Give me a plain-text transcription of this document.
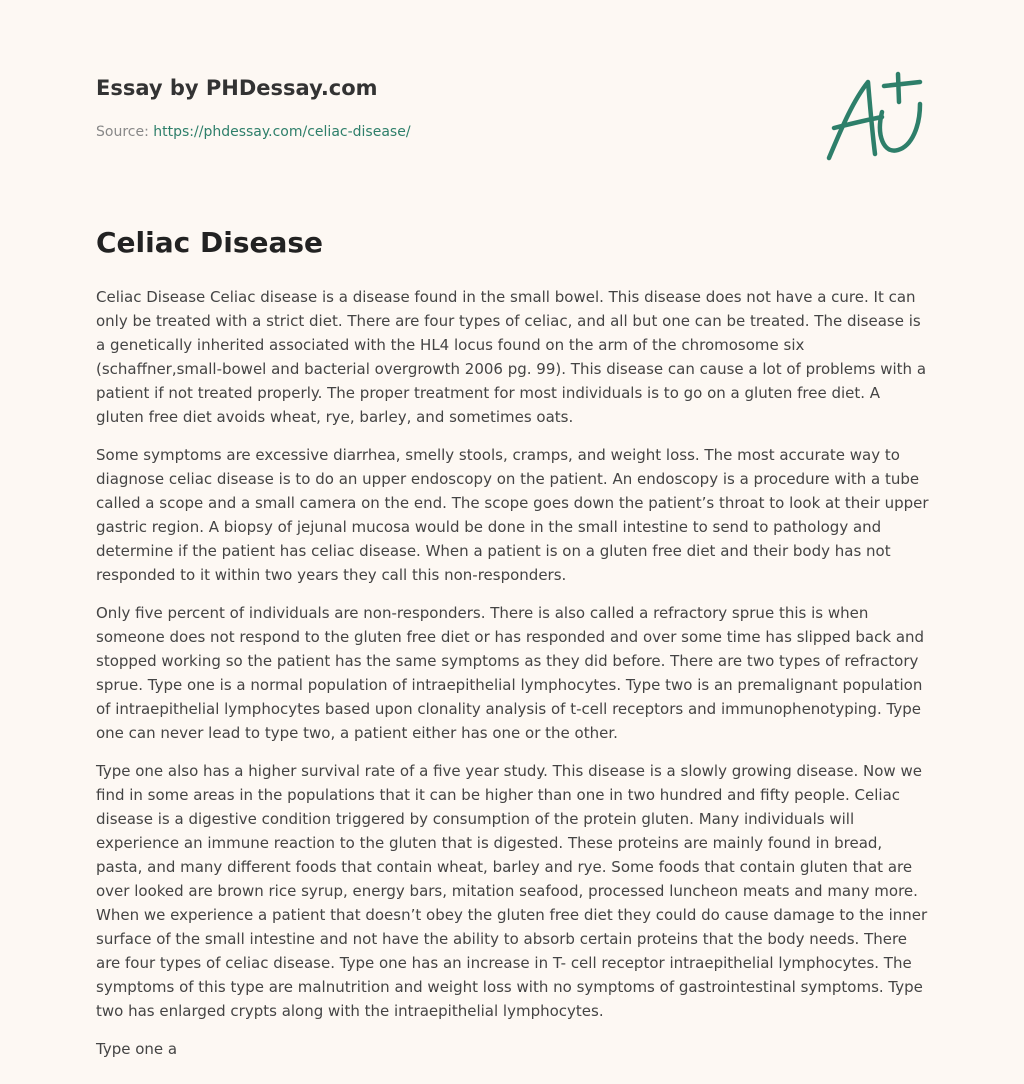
Essay by PHDessay.com
Source: https://phdessay.com/celiac-disease/
Celiac Disease

Celiac Disease Celiac disease is a disease found in the small bowel. This disease does not have a cure. It can only be treated with a strict diet. There are four types of celiac, and all but one can be treated. The disease is a genetically inherited associated with the HL4 locus found on the arm of the chromosome six (schaffner,small-bowel and bacterial overgrowth 2006 pg. 99). This disease can cause a lot of problems with a patient if not treated properly. The proper treatment for most individuals is to go on a gluten free diet. A gluten free diet avoids wheat, rye, barley, and sometimes oats.

Some symptoms are excessive diarrhea, smelly stools, cramps, and weight loss. The most accurate way to diagnose celiac disease is to do an upper endoscopy on the patient. An endoscopy is a procedure with a tube called a scope and a small camera on the end. The scope goes down the patient’s throat to look at their upper gastric region. A biopsy of jejunal mucosa would be done in the small intestine to send to pathology and determine if the patient has celiac disease. When a patient is on a gluten free diet and their body has not responded to it within two years they call this non-responders.

Only five percent of individuals are non-responders. There is also called a refractory sprue this is when someone does not respond to the gluten free diet or has responded and over some time has slipped back and stopped working so the patient has the same symptoms as they did before. There are two types of refractory sprue. Type one is a normal population of intraepithelial lymphocytes. Type two is an premalignant population of intraepithelial lymphocytes based upon clonality analysis of t-cell receptors and immunophenotyping. Type one can never lead to type two, a patient either has one or the other.

Type one also has a higher survival rate of a five year study. This disease is a slowly growing disease. Now we find in some areas in the populations that it can be higher than one in two hundred and fifty people. Celiac disease is a digestive condition triggered by consumption of the protein gluten. Many individuals will experience an immune reaction to the gluten that is digested. These proteins are mainly found in bread, pasta, and many different foods that contain wheat, barley and rye. Some foods that contain gluten that are over looked are brown rice syrup, energy bars, mitation seafood, processed luncheon meats and many more. When we experience a patient that doesn’t obey the gluten free diet they could do cause damage to the inner surface of the small intestine and not have the ability to absorb certain proteins that the body needs. There are four types of celiac disease. Type one has an increase in T- cell receptor intraepithelial lymphocytes. The symptoms of this type are malnutrition and weight loss with no symptoms of gastrointestinal symptoms. Type two has enlarged crypts along with the intraepithelial lymphocytes.

Type one a
